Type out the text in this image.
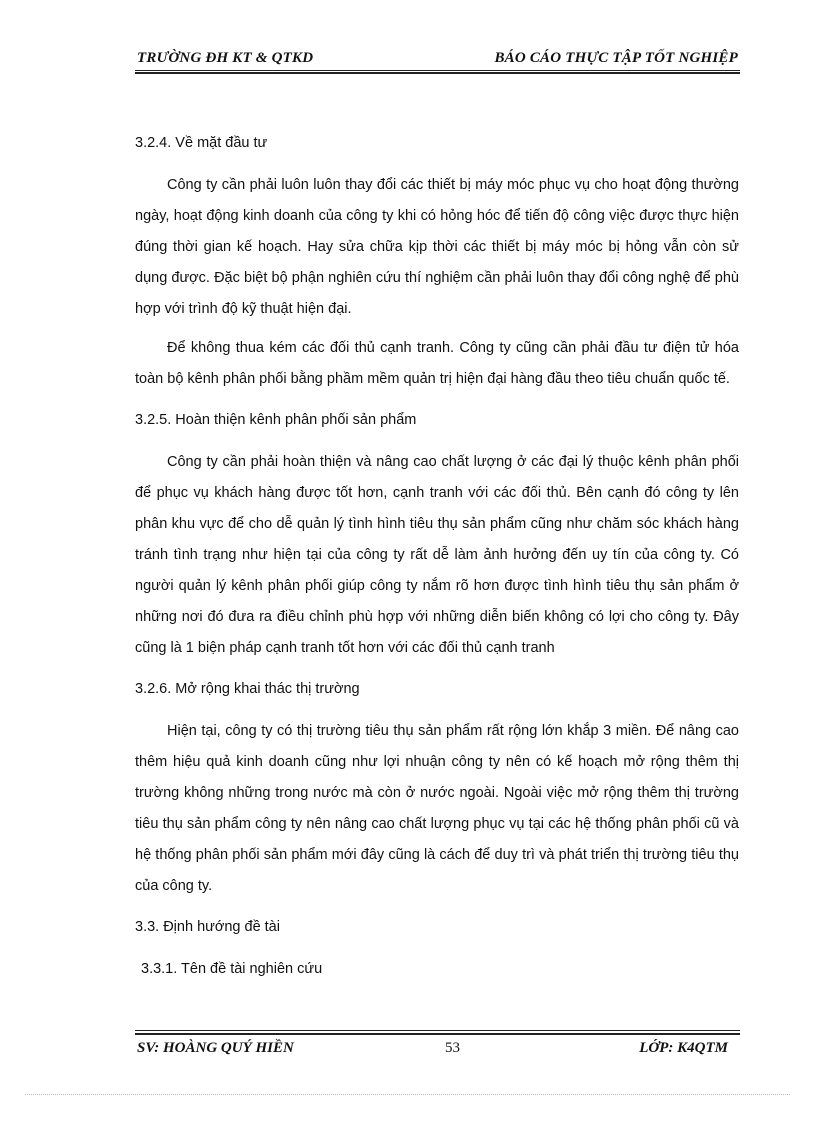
TRƯỜNG ĐH KT & QTKD	BÁO CÁO THỰC TẬP TỐT NGHIỆP

3.2.4. Về mặt đầu tư

Công ty cần phải luôn luôn thay đổi các thiết bị máy móc phục vụ cho hoạt động thường ngày, hoạt động kinh doanh của công ty khi có hỏng hóc để tiến độ công việc được thực hiện đúng thời gian kế hoạch. Hay sửa chữa kịp thời các thiết bị máy móc bị hỏng vẫn còn sử dụng được. Đặc biệt bộ phận nghiên cứu thí nghiệm cần phải luôn thay đổi công nghệ để phù hợp với trình độ kỹ thuật hiện đại.

Để không thua kém các đối thủ cạnh tranh. Công ty cũng cần phải đầu tư điện tử hóa toàn bộ kênh phân phối bằng phầm mềm quản trị hiện đại hàng đầu theo tiêu chuẩn quốc tế.

3.2.5. Hoàn thiện kênh phân phối sản phẩm

Công ty cần phải hoàn thiện và nâng cao chất lượng ở các đại lý thuộc kênh phân phối để phục vụ khách hàng được tốt hơn, cạnh tranh với các đối thủ. Bên cạnh đó công ty lên phân khu vực để cho dễ quản lý tình hình tiêu thụ sản phẩm cũng như chăm sóc khách hàng tránh tình trạng như hiện tại của công ty rất dễ làm ảnh hưởng đến uy tín của công ty. Có người quản lý kênh phân phối giúp công ty nắm rõ hơn được tình hình tiêu thụ sản phẩm ở những nơi đó đưa ra điều chỉnh phù hợp với những diễn biến không có lợi cho công ty. Đây cũng là 1 biện pháp cạnh tranh tốt hơn với các đối thủ cạnh tranh

3.2.6. Mở rộng khai thác thị trường

Hiện tại, công ty có thị trường tiêu thụ sản phẩm rất rộng lớn khắp 3 miền. Để nâng cao thêm hiệu quả kinh doanh cũng như lợi nhuận công ty nên có kế hoạch mở rộng thêm thị trường không những trong nước mà còn ở nước ngoài. Ngoài việc mở rộng thêm thị trường tiêu thụ sản phẩm công ty nên nâng cao chất lượng phục vụ tại các hệ thống phân phối cũ và hệ thống phân phối sản phẩm mới đây cũng là cách để duy trì và phát triển thị trường tiêu thụ của công ty.

3.3. Định hướng đề tài

3.3.1. Tên đề tài nghiên cứu

SV: HOÀNG QUÝ HIỀN	53	LỚP: K4QTM
